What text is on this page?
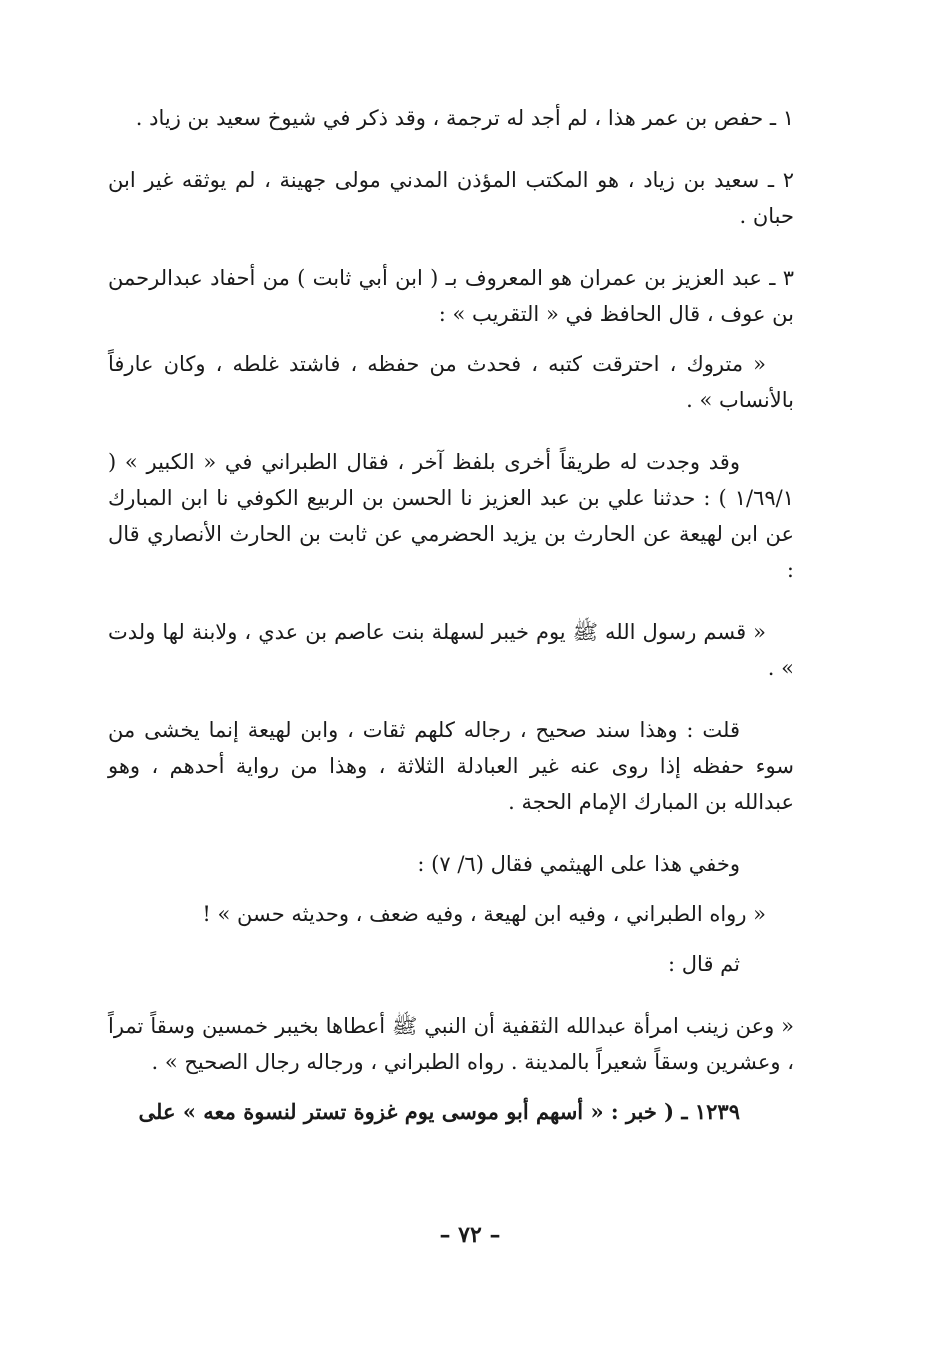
١ ـ حفص بن عمر هذا ، لم أجد له ترجمة ، وقد ذكر في شيوخ سعيد بن زياد .

٢ ـ سعيد بن زياد ، هو المكتب المؤذن المدني مولى جهينة ، لم يوثقه غير ابن حبان .

٣ ـ عبد العزيز بن عمران هو المعروف بـ ( ابن أبي ثابت ) من أحفاد عبدالرحمن بن عوف ، قال الحافظ في « التقريب » :

« متروك ، احترقت كتبه ، فحدث من حفظه ، فاشتد غلطه ، وكان عارفاً بالأنساب » .

وقد وجدت له طريقاً أخرى بلفظ آخر ، فقال الطبراني في « الكبير » ( ١/٦٩/١ ) : حدثنا علي بن عبد العزيز نا الحسن بن الربيع الكوفي نا ابن المبارك عن ابن لهيعة عن الحارث بن يزيد الحضرمي عن ثابت بن الحارث الأنصاري قال :

« قسم رسول الله ﷺ يوم خيبر لسهلة بنت عاصم بن عدي ، ولابنة لها ولدت » .

قلت : وهذا سند صحيح ، رجاله كلهم ثقات ، وابن لهيعة إنما يخشى من سوء حفظه إذا روى عنه غير العبادلة الثلاثة ، وهذا من رواية أحدهم ، وهو عبدالله بن المبارك الإمام الحجة .

وخفي هذا على الهيثمي فقال (٦/ ٧) :

« رواه الطبراني ، وفيه ابن لهيعة ، وفيه ضعف ، وحديثه حسن » !

ثم قال :

« وعن زينب امرأة عبدالله الثقفية أن النبي ﷺ أعطاها بخيبر خمسين وسقاً تمراً ، وعشرين وسقاً شعيراً بالمدينة . رواه الطبراني ، ورجاله رجال الصحيح » .

١٢٣٩ ـ ( خبر : « أسهم أبو موسى يوم غزوة تستر لنسوة معه » على

– ٧٢ –
